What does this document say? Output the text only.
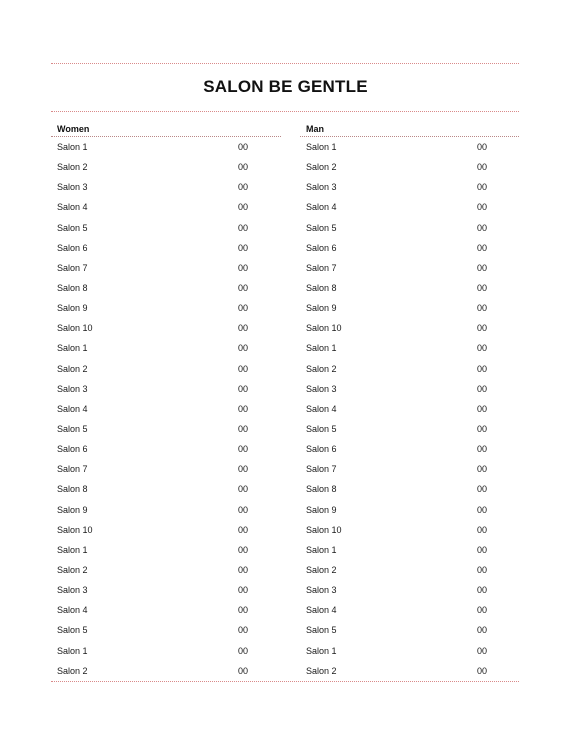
SALON BE GENTLE
Women
Salon 1	00
Salon 2	00
Salon 3	00
Salon 4	00
Salon 5	00
Salon 6	00
Salon 7	00
Salon 8	00
Salon 9	00
Salon 10	00
Salon 1	00
Salon 2	00
Salon 3	00
Salon 4	00
Salon 5	00
Salon 6	00
Salon 7	00
Salon 8	00
Salon 9	00
Salon 10	00
Salon 1	00
Salon 2	00
Salon 3	00
Salon 4	00
Salon 5	00
Salon 1	00
Salon 2	00
Man
Salon 1	00
Salon 2	00
Salon 3	00
Salon 4	00
Salon 5	00
Salon 6	00
Salon 7	00
Salon 8	00
Salon 9	00
Salon 10	00
Salon 1	00
Salon 2	00
Salon 3	00
Salon 4	00
Salon 5	00
Salon 6	00
Salon 7	00
Salon 8	00
Salon 9	00
Salon 10	00
Salon 1	00
Salon 2	00
Salon 3	00
Salon 4	00
Salon 5	00
Salon 1	00
Salon 2	00
